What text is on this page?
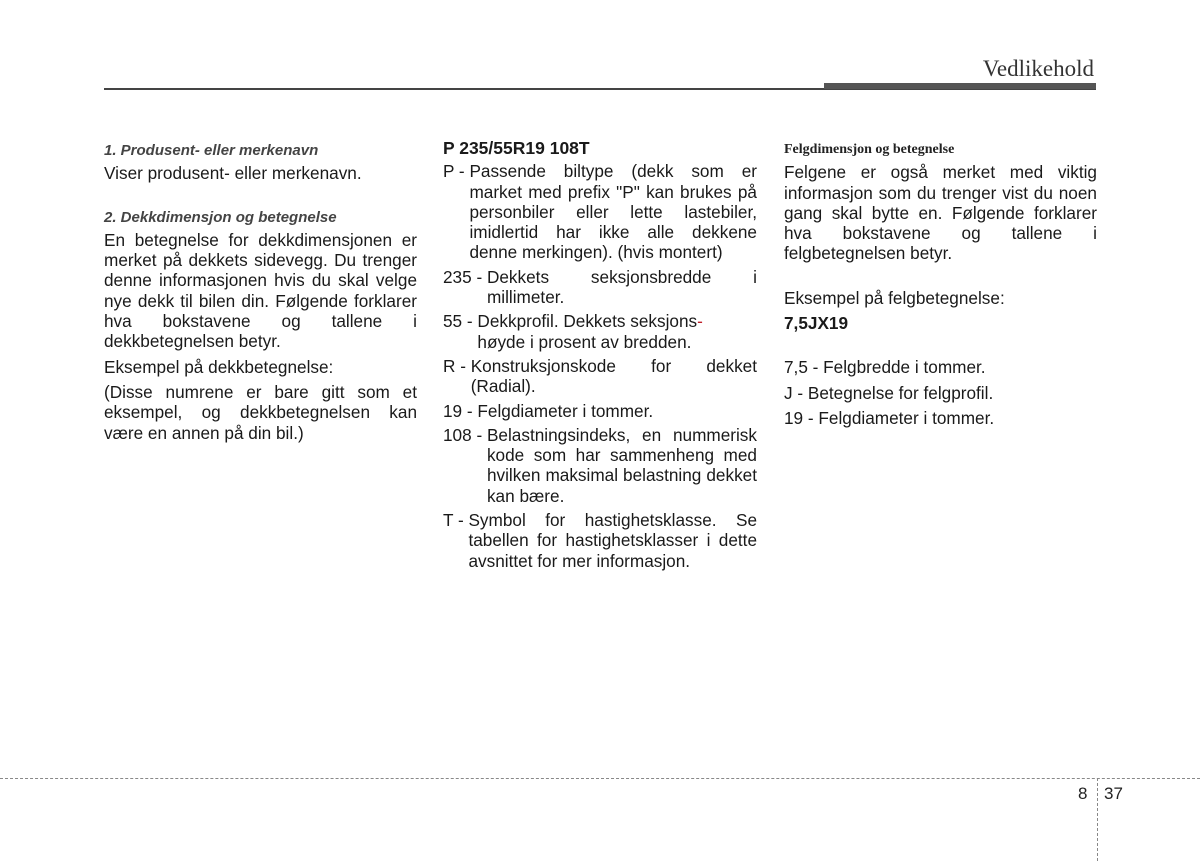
Vedlikehold

1. Produsent- eller merkenavn

Viser produsent- eller merkenavn.

2. Dekkdimensjon og betegnelse

En betegnelse for dekkdimensjonen er merket på dekkets sidevegg. Du trenger denne informasjonen hvis du skal velge nye dekk til bilen din. Følgende forklarer hva bokstavene og tallene i dekkbetegnelsen betyr.

Eksempel på dekkbetegnelse:

(Disse numrene er bare gitt som et eksempel, og dekkbetegnelsen kan være en annen på din bil.)

P 235/55R19 108T

P - Passende biltype (dekk som er market med prefix "P" kan brukes på personbiler eller lette lastebiler, imidlertid har ikke alle dekkene denne merkingen). (hvis montert)
235 - Dekkets seksjonsbredde i millimeter.
55 - Dekkprofil. Dekkets seksjons-
høyde i prosent av bredden.
R - Konstruksjonskode for dekket (Radial).
19 - Felgdiameter i tommer.
108 - Belastningsindeks, en nummerisk kode som har sammenheng med hvilken maksimal belastning dekket kan bære.
T - Symbol for hastighetsklasse. Se tabellen for hastighetsklasser i dette avsnittet for mer informasjon.

Felgdimensjon og betegnelse

Felgene er også merket med viktig informasjon som du trenger vist du noen gang skal bytte en. Følgende forklarer hva bokstavene og tallene i felgbetegnelsen betyr.

Eksempel på felgbetegnelse:

7,5JX19

7,5 - Felgbredde i tommer.

J - Betegnelse for felgprofil.

19 - Felgdiameter i tommer.

8 37
